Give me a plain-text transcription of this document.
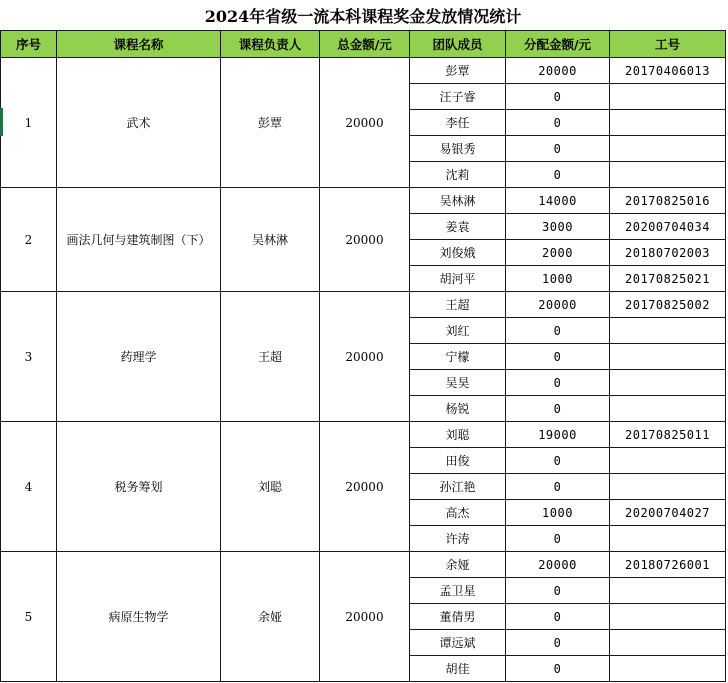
2024年省级一流本科课程奖金发放情况统计
序号	课程名称	课程负责人	总金额/元	团队成员	分配金额/元	工号
1	武术	彭覃	20000	彭覃	20000	20170406013
				汪子睿	0	
				李任	0	
				易银秀	0	
				沈莉	0	
2	画法几何与建筑制图（下）	吴林淋	20000	吴林淋	14000	20170825016
				姜袁	3000	20200704034
				刘俊娥	2000	20180702003
				胡河平	1000	20170825021
3	药理学	王超	20000	王超	20000	20170825002
				刘红	0	
				宁檬	0	
				吴昊	0	
				杨锐	0	
4	税务筹划	刘聪	20000	刘聪	19000	20170825011
				田俊	0	
				孙江艳	0	
				高杰	1000	20200704027
				许涛	0	
5	病原生物学	余娅	20000	余娅	20000	20180726001
				孟卫星	0	
				董倩男	0	
				谭远斌	0	
				胡佳	0	
